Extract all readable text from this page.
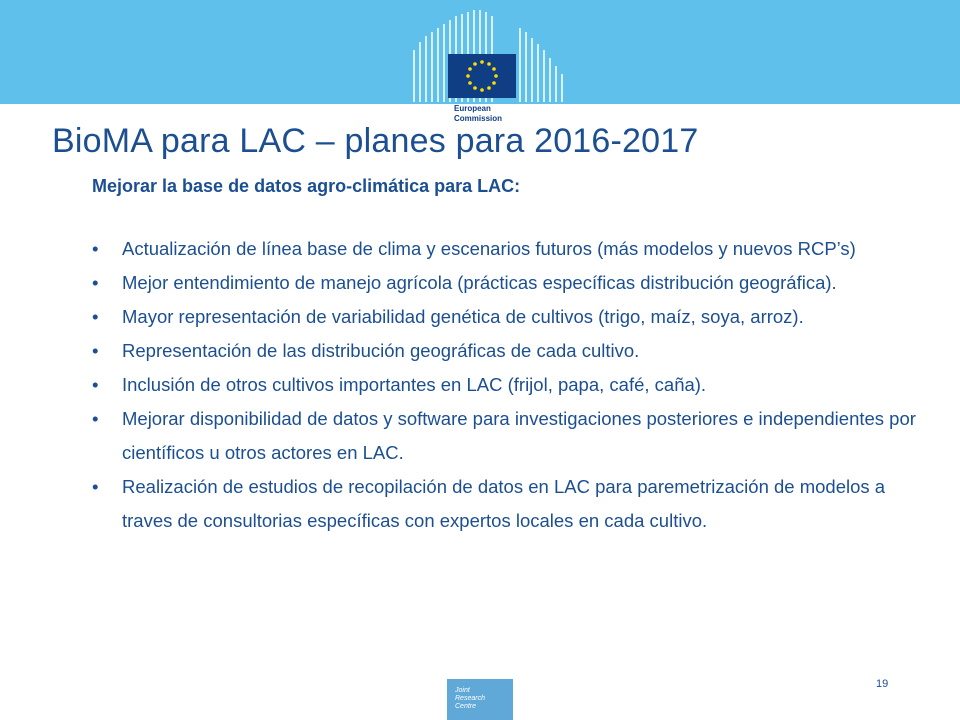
European
Commission
BioMA para LAC – planes para 2016-2017

Mejorar la base de datos agro-climática para LAC:

•	Actualización de línea base de clima y escenarios futuros (más modelos y nuevos RCP’s)
•	Mejor entendimiento de manejo agrícola (prácticas específicas distribución geográfica).
•	Mayor representación de variabilidad genética de cultivos (trigo, maíz, soya, arroz).
•	Representación de las distribución geográficas de cada cultivo.
•	Inclusión de otros cultivos importantes en LAC (frijol, papa, café, caña).
•	Mejorar disponibilidad de datos y software para investigaciones posteriores e independientes por científicos u otros actores en LAC.
•	Realización de estudios de recopilación de datos en LAC para paremetrización de modelos a traves de consultorias específicas con expertos locales en cada cultivo.
Joint
Research
Centre
19
